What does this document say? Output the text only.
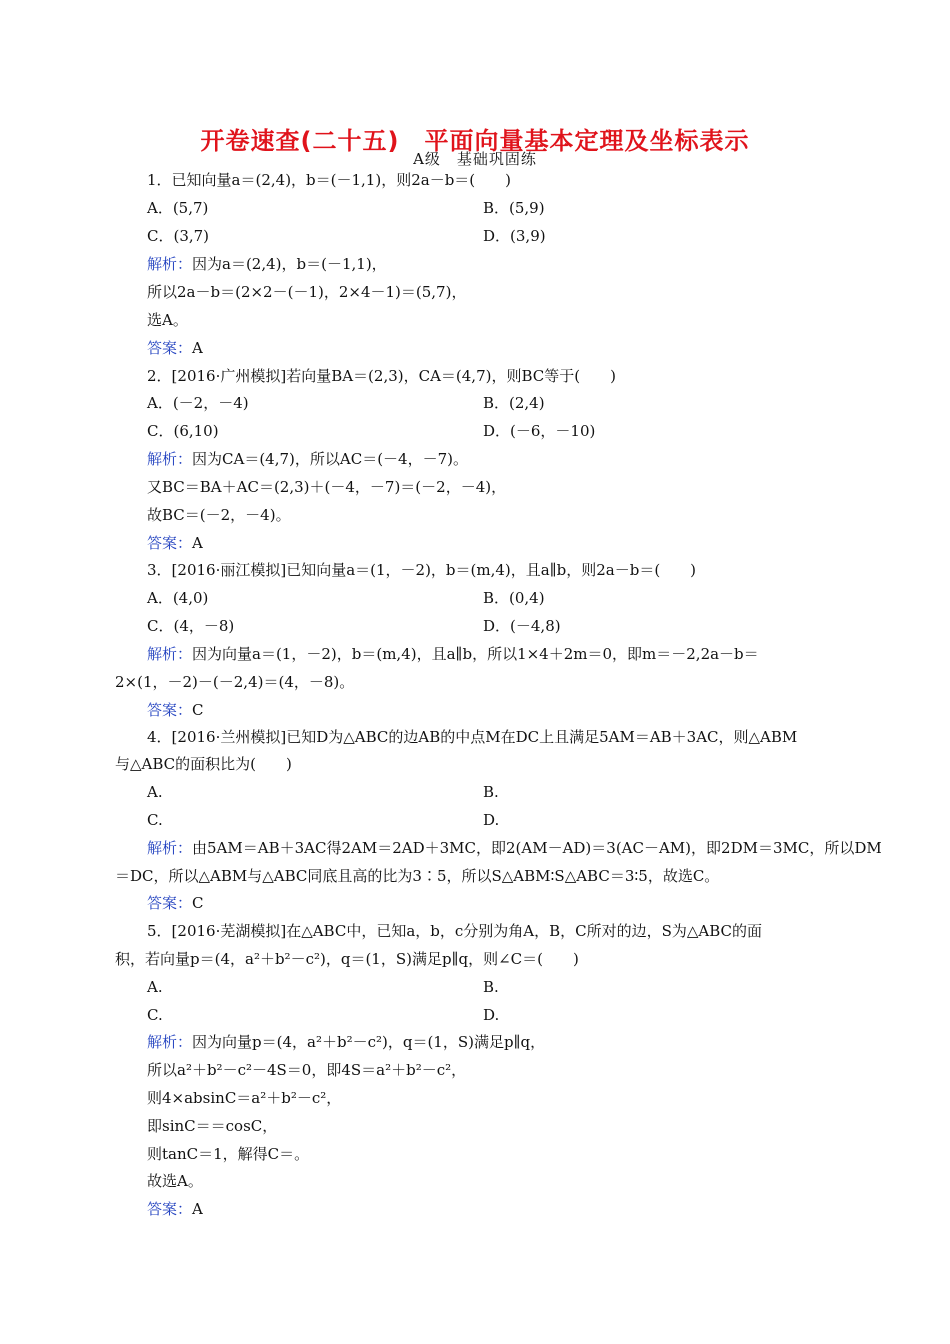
开卷速查(二十五)　平面向量基本定理及坐标表示
A级　基础巩固练
1．已知向量a＝(2,4)，b＝(－1,1)，则2a－b＝(　　)
A．(5,7)	B．(5,9)
C．(3,7)	D．(3,9)
解析：因为a＝(2,4)，b＝(－1,1)，
所以2a－b＝(2×2－(－1)，2×4－1)＝(5,7)，
选A。
答案：A
2．[2016·广州模拟]若向量BA＝(2,3)，CA＝(4,7)，则BC等于(　　)
A．(－2，－4)	B．(2,4)
C．(6,10)	D．(－6，－10)
解析：因为CA＝(4,7)，所以AC＝(－4，－7)。
又BC＝BA＋AC＝(2,3)＋(－4，－7)＝(－2，－4)，
故BC＝(－2，－4)。
答案：A
3．[2016·丽江模拟]已知向量a＝(1，－2)，b＝(m,4)，且a∥b，则2a－b＝(　　)
A．(4,0)	B．(0,4)
C．(4，－8)	D．(－4,8)
解析：因为向量a＝(1，－2)，b＝(m,4)，且a∥b，所以1×4＋2m＝0，即m＝－2,2a－b＝
2×(1，－2)－(－2,4)＝(4，－8)。
答案：C
4．[2016·兰州模拟]已知D为△ABC的边AB的中点M在DC上且满足5AM＝AB＋3AC，则△ABM
与△ABC的面积比为(　　)
A.	B.
C.	D.
解析：由5AM＝AB＋3AC得2AM＝2AD＋3MC，即2(AM－AD)＝3(AC－AM)，即2DM＝3MC，所以DM
＝DC，所以△ABM与△ABC同底且高的比为3∶5，所以S△ABM∶S△ABC＝3∶5，故选C。
答案：C
5．[2016·芜湖模拟]在△ABC中，已知a，b，c分别为角A，B，C所对的边，S为△ABC的面
积，若向量p＝(4，a²＋b²－c²)，q＝(1，S)满足p∥q，则∠C＝(　　)
A.	B.
C.	D.
解析：因为向量p＝(4，a²＋b²－c²)，q＝(1，S)满足p∥q，
所以a²＋b²－c²－4S＝0，即4S＝a²＋b²－c²，
则4×absinC＝a²＋b²－c²，
即sinC＝＝cosC，
则tanC＝1，解得C＝。
故选A。
答案：A
